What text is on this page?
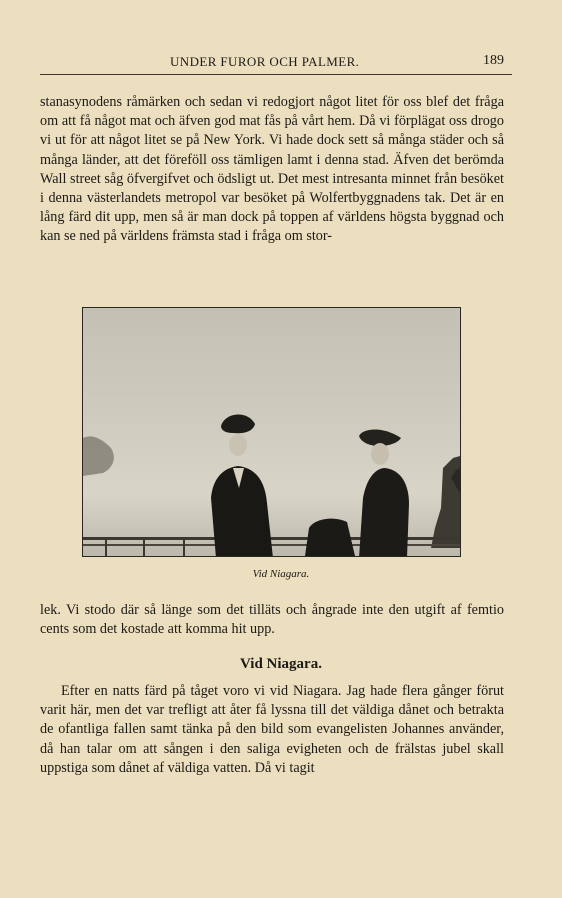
UNDER FUROR OCH PALMER.	189

stanasynodens råmärken och sedan vi redogjort något litet för oss blef det fråga om att få något mat och äfven god mat fås på vårt hem. Då vi förplägat oss drogo vi ut för att något litet se på New York. Vi hade dock sett så många städer och så många länder, att det föreföll oss tämligen lamt i denna stad. Äfven det berömda Wall street såg öfvergifvet och ödsligt ut. Det mest intresanta minnet från besöket i denna västerlandets metropol var besöket på Wolfertbyggnadens tak. Det är en lång färd dit upp, men så är man dock på toppen af världens högsta byggnad och kan se ned på världens främsta stad i fråga om stor-

Vid Niagara.

lek. Vi stodo där så länge som det tilläts och ångrade inte den utgift af femtio cents som det kostade att komma hit upp.

Vid Niagara.

Efter en natts färd på tåget voro vi vid Niagara. Jag hade flera gånger förut varit här, men det var trefligt att åter få lyssna till det väldiga dånet och betrakta de ofantliga fallen samt tänka på den bild som evangelisten Johannes använder, då han talar om att sången i den saliga evigheten och de frälstas jubel skall uppstiga som dånet af väldiga vatten. Då vi tagit
